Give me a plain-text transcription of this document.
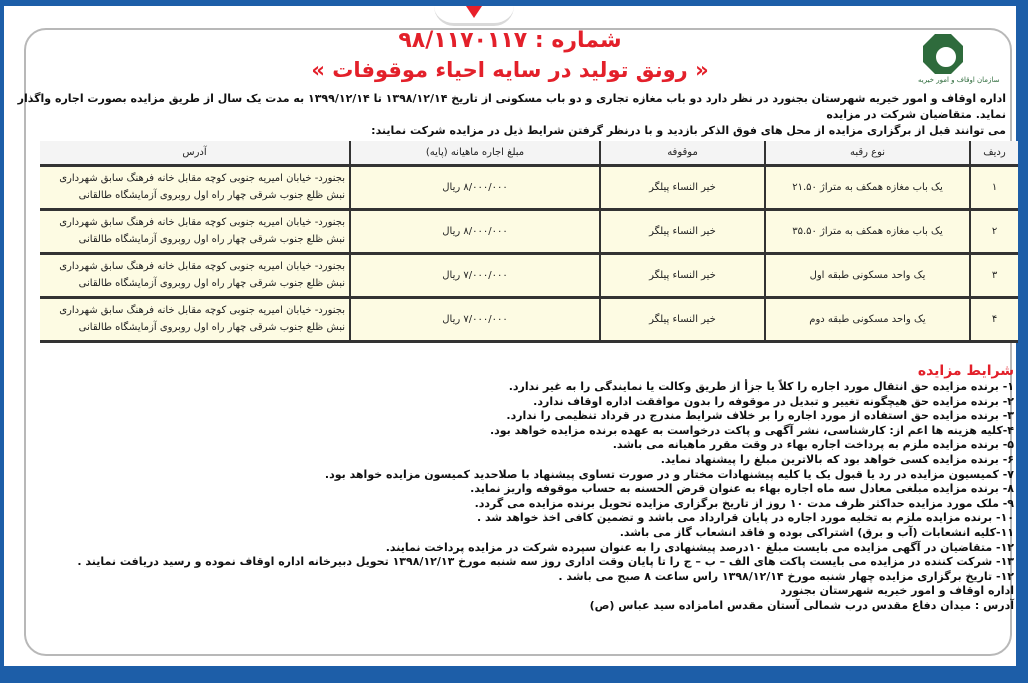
سازمان اوقاف و امور خیریه
شماره : ۹۸/۱۱۷۰۱۱۷
« رونق تولید در سایه احیاء موقوفات »

اداره اوقاف و امور خیریه شهرستان بجنورد در نظر دارد دو باب مغازه تجاری و دو باب مسکونی از تاریخ ۱۳۹۸/۱۲/۱۴ تا ۱۳۹۹/۱۲/۱۴ به مدت یک سال از طریق مزایده بصورت اجاره واگذار نماید. متقاضیان شرکت در مزایده

می توانند قبل از برگزاری مزایده از محل های فوق الذکر بازدید و با درنظر گرفتن شرایط ذیل در مزایده شرکت نمایند:

ردیف	نوع رقبه	موقوفه	مبلغ اجاره ماهیانه (پایه)	آدرس
۱	یک باب مغازه همکف به متراژ ۲۱.۵۰	خیر النساء پیلگر	۸/۰۰۰/۰۰۰ ریال	بجنورد- خیابان امیریه جنوبی کوچه مقابل خانه فرهنگ سابق شهرداری نبش ظلع جنوب شرقی چهار راه اول روبروی آزمایشگاه طالقانی
۲	یک باب مغازه همکف به متراژ ۳۵.۵۰	خیر النساء پیلگر	۸/۰۰۰/۰۰۰ ریال	بجنورد- خیابان امیریه جنوبی کوچه مقابل خانه فرهنگ سابق شهرداری نبش ظلع جنوب شرقی چهار راه اول روبروی آزمایشگاه طالقانی
۳	یک واحد مسکونی طبقه اول	خیر النساء پیلگر	۷/۰۰۰/۰۰۰ ریال	بجنورد- خیابان امیریه جنوبی کوچه مقابل خانه فرهنگ سابق شهرداری نبش ظلع جنوب شرقی چهار راه اول روبروی آزمایشگاه طالقانی
۴	یک واحد مسکونی طبقه دوم	خیر النساء پیلگر	۷/۰۰۰/۰۰۰ ریال	بجنورد- خیابان امیریه جنوبی کوچه مقابل خانه فرهنگ سابق شهرداری نبش ظلع جنوب شرقی چهار راه اول روبروی آزمایشگاه طالقانی
شرایط مزایده

۱- برنده مزایده حق انتقال مورد اجاره را کلاً یا جزأ از طریق وکالت یا نمایندگی را به غیر ندارد.

۲- برنده مزایده حق هیچگونه تغییر و تبدیل در موقوفه را بدون موافقت اداره اوقاف ندارد.

۳- برنده مزایده حق استفاده از مورد اجاره را بر خلاف شرایط مندرج در قرداد تنظیمی را ندارد.

۴-کلیه هزینه ها اعم از: کارشناسی، نشر آگهی و پاکت درخواست به عهده برنده مزایده خواهد بود.

۵- برنده مزایده ملزم به پرداخت اجاره بهاء در وقت مقرر ماهیانه می باشد.

۶- برنده مزایده کسی خواهد بود که بالاترین مبلغ را پیشنهاد نماید.

۷- کمیسیون مزایده در رد یا قبول یک یا کلیه پیشنهادات مختار و در صورت تساوی پیشنهاد با صلاحدید کمیسون مزایده خواهد بود.

۸- برنده مزایده مبلغی معادل سه ماه اجاره بهاء به عنوان قرض الحسنه به حساب موقوفه واریز نماید.

۹- ملک مورد مزایده حداکثر ظرف مدت ۱۰ روز از تاریخ برگزاری مزایده تحویل برنده مزایده می گردد.

۱۰- برنده مزایده ملزم به تخلیه مورد اجاره در پایان قرارداد می باشد و تضمین کافی اخذ خواهد شد .

۱۱-کلیه انشعابات (آب و برق) اشتراکی بوده و فاقد انشعاب گاز می باشد.

۱۲- متقاضیان در آگهی مزایده می بایست مبلغ ۱۰درصد پیشنهادی را به عنوان سپرده شرکت در مزایده پرداخت نمایند.

۱۳- شرکت کننده در مزایده می بایست پاکت های الف – ب – ج را تا پایان وقت اداری روز سه شنبه مورخ ۱۳۹۸/۱۲/۱۳ تحویل دبیرخانه اداره اوقاف نموده و رسید دریافت نمایند .

۱۲- تاریخ برگزاری مزایده چهار شنبه مورخ ۱۳۹۸/۱۲/۱۴ راس ساعت ۸ صبح می باشد .

اداره اوقاف و امور خیریه شهرستان بجنورد

آدرس : میدان دفاع مقدس درب شمالی آستان مقدس امامزاده سید عباس (ص)
